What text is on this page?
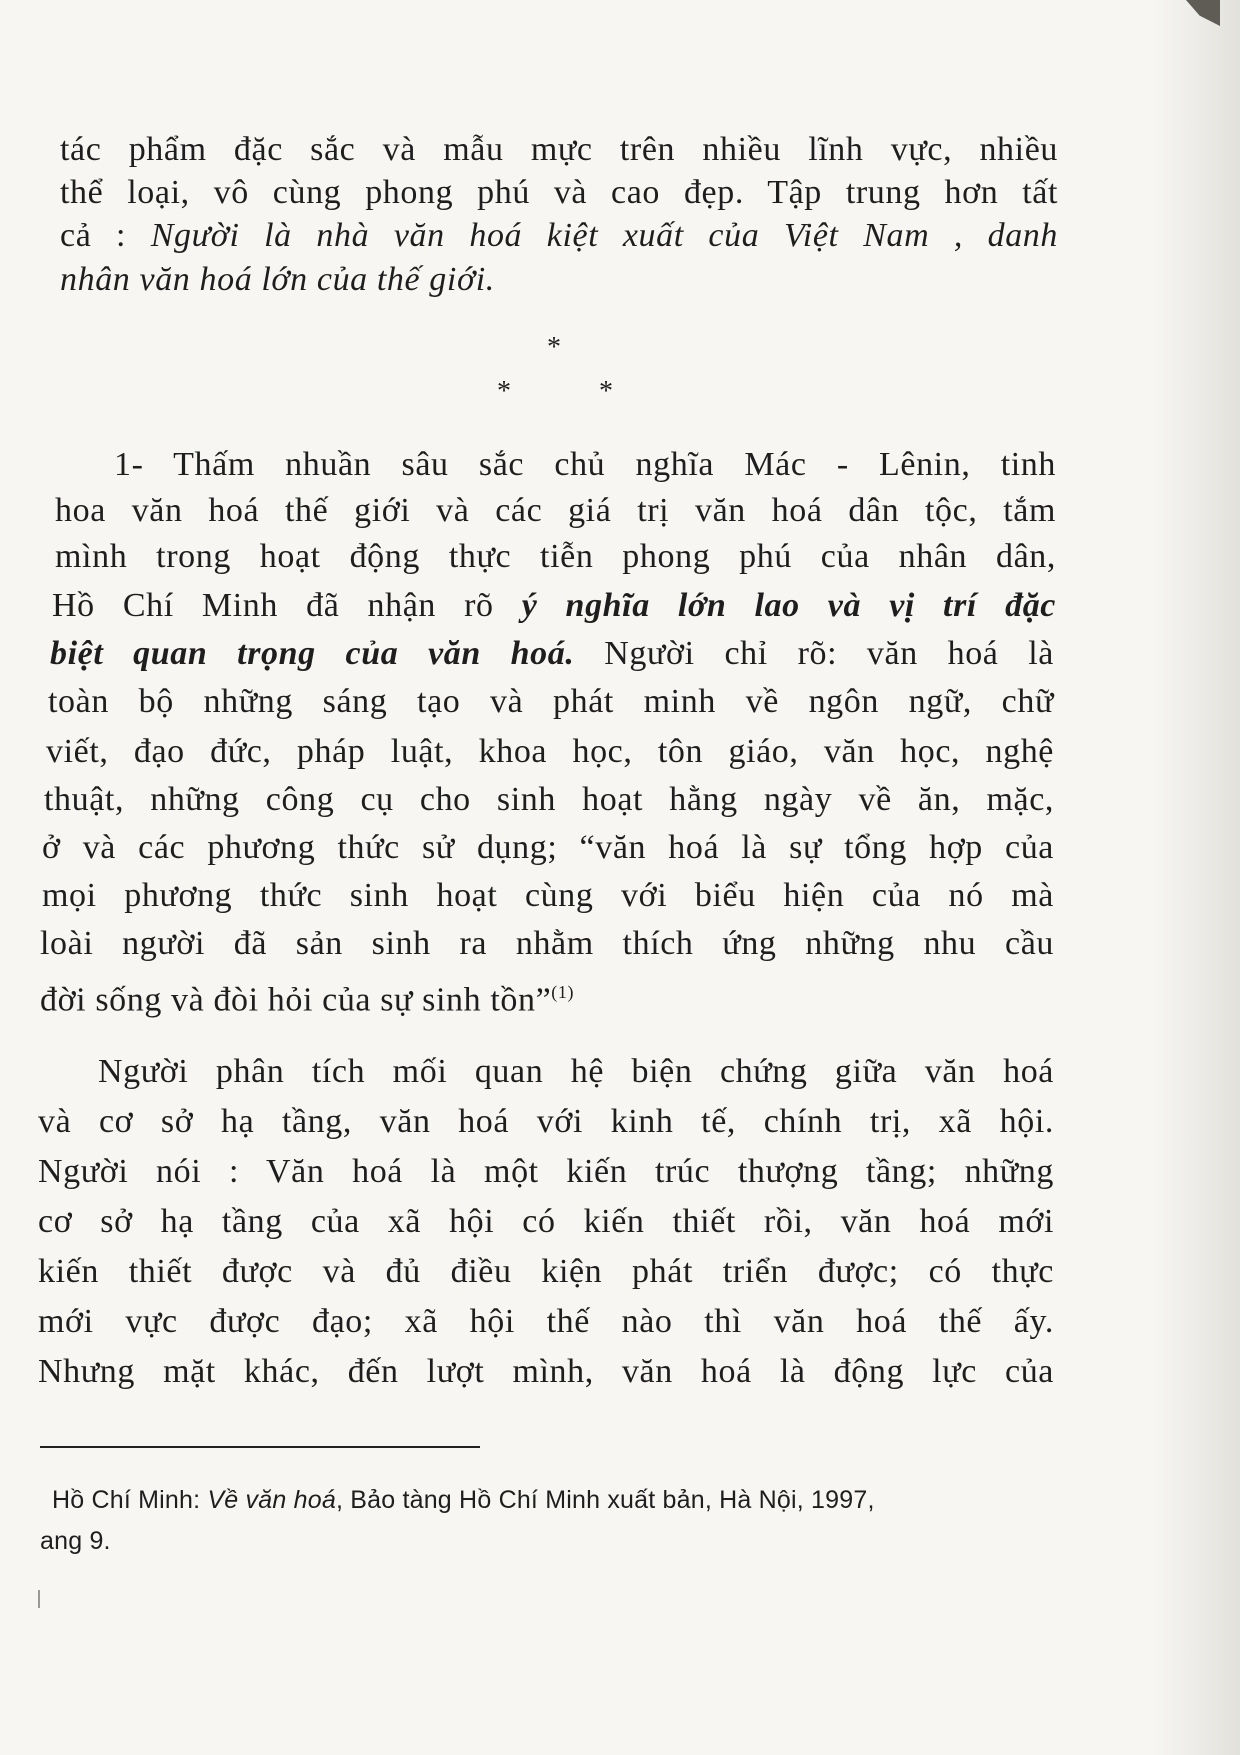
tác phẩm đặc sắc và mẫu mực trên nhiều lĩnh vực, nhiều
thể loại, vô cùng phong phú và cao đẹp. Tập trung hơn tất
cả : Người là nhà văn hoá kiệt xuất của Việt Nam , danh
nhân văn hoá lớn của thế giới.
*
*	*
1- Thấm nhuần sâu sắc chủ nghĩa Mác - Lênin, tinh
hoa văn hoá thế giới và các giá trị văn hoá dân tộc, tắm
mình trong hoạt động thực tiễn phong phú của nhân dân,
Hồ Chí Minh đã nhận rõ ý nghĩa lớn lao và vị trí đặc
biệt quan trọng của văn hoá. Người chỉ rõ: văn hoá là
toàn bộ những sáng tạo và phát minh về ngôn ngữ, chữ
viết, đạo đức, pháp luật, khoa học, tôn giáo, văn học, nghệ
thuật, những công cụ cho sinh hoạt hằng ngày về ăn, mặc,
ở và các phương thức sử dụng; “văn hoá là sự tổng hợp của
mọi phương thức sinh hoạt cùng với biểu hiện của nó mà
loài người đã sản sinh ra nhằm thích ứng những nhu cầu
đời sống và đòi hỏi của sự sinh tồn”$^{(1)}$
Người phân tích mối quan hệ biện chứng giữa văn hoá
và cơ sở hạ tầng, văn hoá với kinh tế, chính trị, xã hội.
Người nói : Văn hoá là một kiến trúc thượng tầng; những
cơ sở hạ tầng của xã hội có kiến thiết rồi, văn hoá mới
kiến thiết được và đủ điều kiện phát triển được; có thực
mới vực được đạo; xã hội thế nào thì văn hoá thế ấy.
Nhưng mặt khác, đến lượt mình, văn hoá là động lực của
Hồ Chí Minh: Về văn hoá, Bảo tàng Hồ Chí Minh xuất bản, Hà Nội, 1997,
ang 9.
